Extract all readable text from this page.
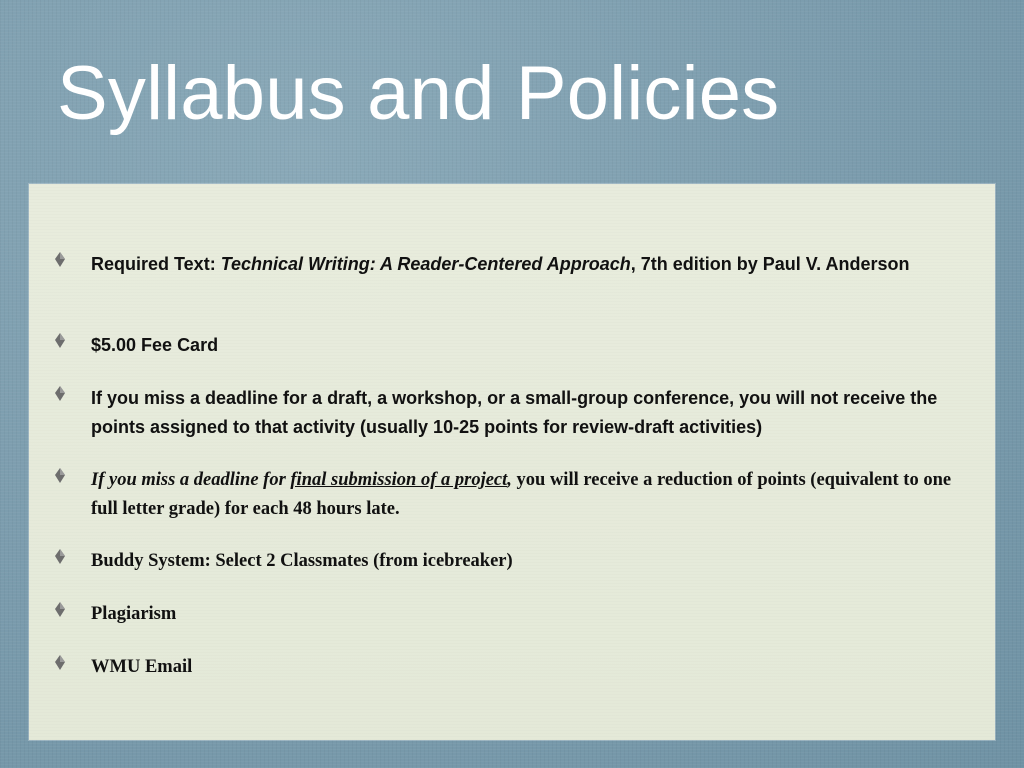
Syllabus and Policies
Required Text: Technical Writing: A Reader-Centered Approach, 7th edition by Paul V. Anderson
$5.00 Fee Card
If you miss a deadline for a draft, a workshop, or a small-group conference, you will not receive the points assigned to that activity (usually 10-25 points for review-draft activities)
If you miss a deadline for final submission of a project, you will receive a reduction of points (equivalent to one full letter grade) for each 48 hours late.
Buddy System: Select 2 Classmates (from icebreaker)
Plagiarism
WMU Email
